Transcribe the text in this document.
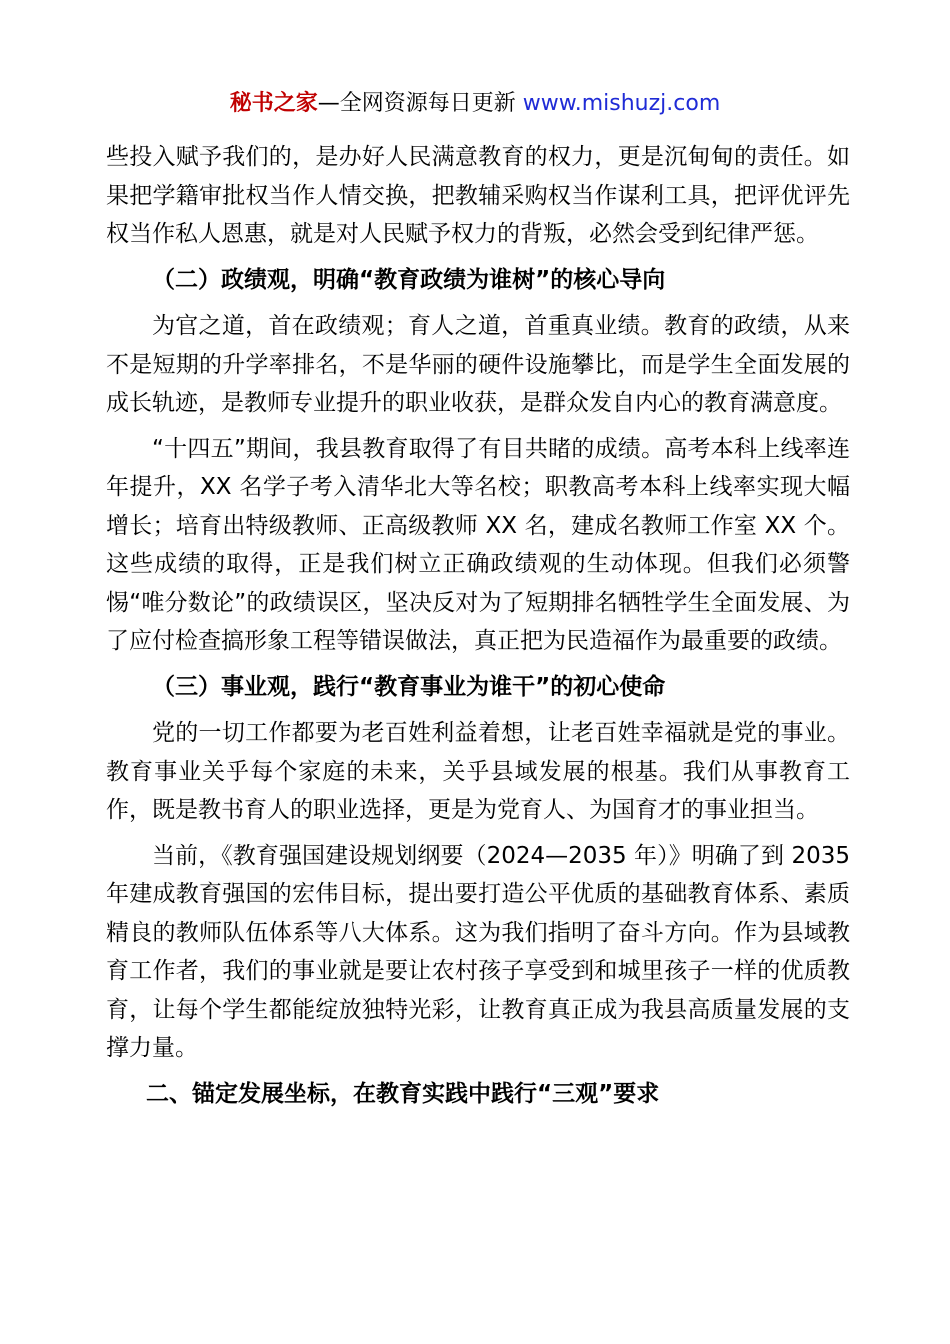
秘书之家—全网资源每日更新 www.mishuzj.com

些投入赋予我们的，是办好人民满意教育的权力，更是沉甸甸的责任。如果把学籍审批权当作人情交换，把教辅采购权当作谋利工具，把评优评先权当作私人恩惠，就是对人民赋予权力的背叛，必然会受到纪律严惩。

（二）政绩观，明确“教育政绩为谁树”的核心导向

为官之道，首在政绩观；育人之道，首重真业绩。教育的政绩，从来不是短期的升学率排名，不是华丽的硬件设施攀比，而是学生全面发展的成长轨迹，是教师专业提升的职业收获，是群众发自内心的教育满意度。

“十四五”期间，我县教育取得了有目共睹的成绩。高考本科上线率连年提升，XX 名学子考入清华北大等名校；职教高考本科上线率实现大幅增长；培育出特级教师、正高级教师 XX 名，建成名教师工作室 XX 个。这些成绩的取得，正是我们树立正确政绩观的生动体现。但我们必须警惕“唯分数论”的政绩误区，坚决反对为了短期排名牺牲学生全面发展、为了应付检查搞形象工程等错误做法，真正把为民造福作为最重要的政绩。

（三）事业观，践行“教育事业为谁干”的初心使命

党的一切工作都要为老百姓利益着想，让老百姓幸福就是党的事业。教育事业关乎每个家庭的未来，关乎县域发展的根基。我们从事教育工作，既是教书育人的职业选择，更是为党育人、为国育才的事业担当。

当前，《教育强国建设规划纲要（2024—2035 年）》明确了到 2035 年建成教育强国的宏伟目标，提出要打造公平优质的基础教育体系、素质精良的教师队伍体系等八大体系。这为我们指明了奋斗方向。作为县域教育工作者，我们的事业就是要让农村孩子享受到和城里孩子一样的优质教育，让每个学生都能绽放独特光彩，让教育真正成为我县高质量发展的支撑力量。

二、锚定发展坐标，在教育实践中践行“三观”要求
